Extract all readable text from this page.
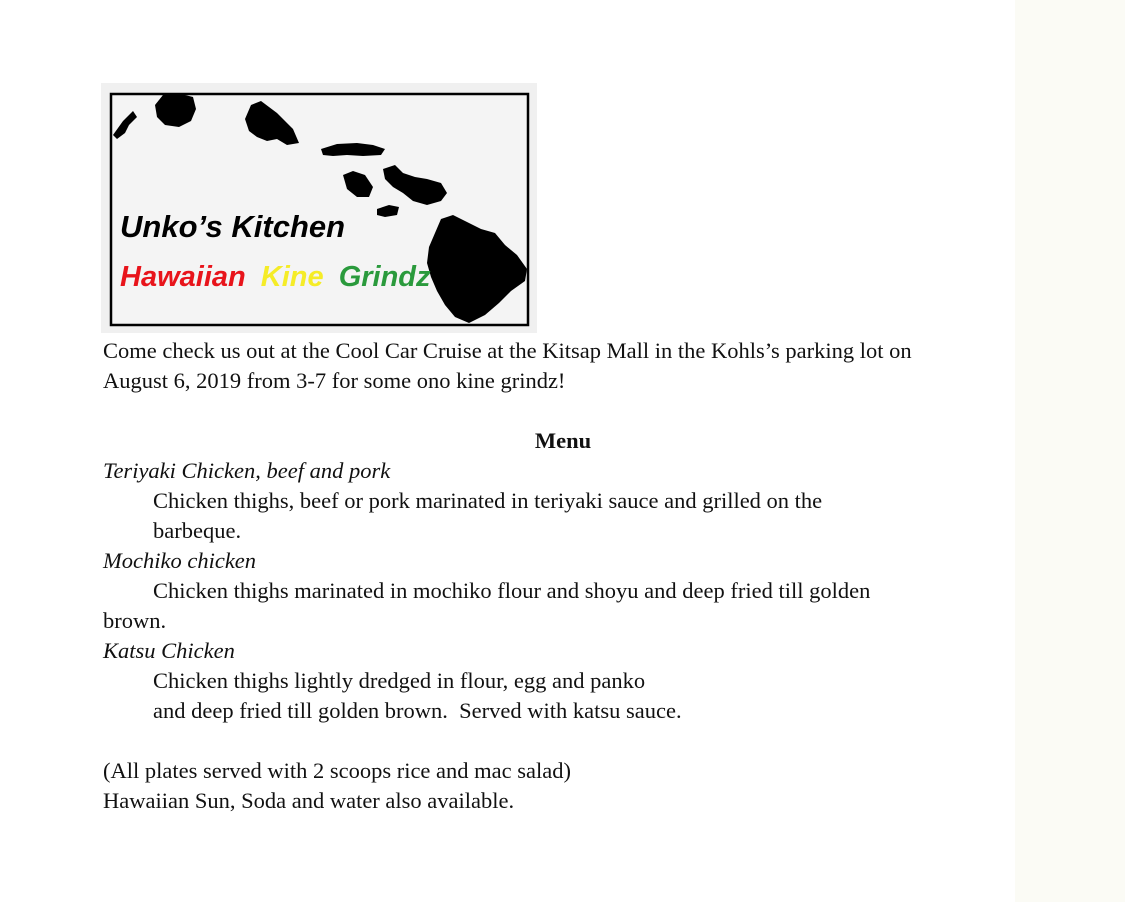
Unko’s Kitchen
Hawaiian Kine Grindz
Come check us out at the Cool Car Cruise at the Kitsap Mall in the Kohls’s parking lot on
August 6, 2019 from 3-7 for some ono kine grindz!
Menu
Teriyaki Chicken, beef and pork
Chicken thighs, beef or pork marinated in teriyaki sauce and grilled on the
barbeque.
Mochiko chicken
Chicken thighs marinated in mochiko flour and shoyu and deep fried till golden
brown.
Katsu Chicken
Chicken thighs lightly dredged in flour, egg and panko
and deep fried till golden brown.  Served with katsu sauce.
(All plates served with 2 scoops rice and mac salad)
Hawaiian Sun, Soda and water also available.
